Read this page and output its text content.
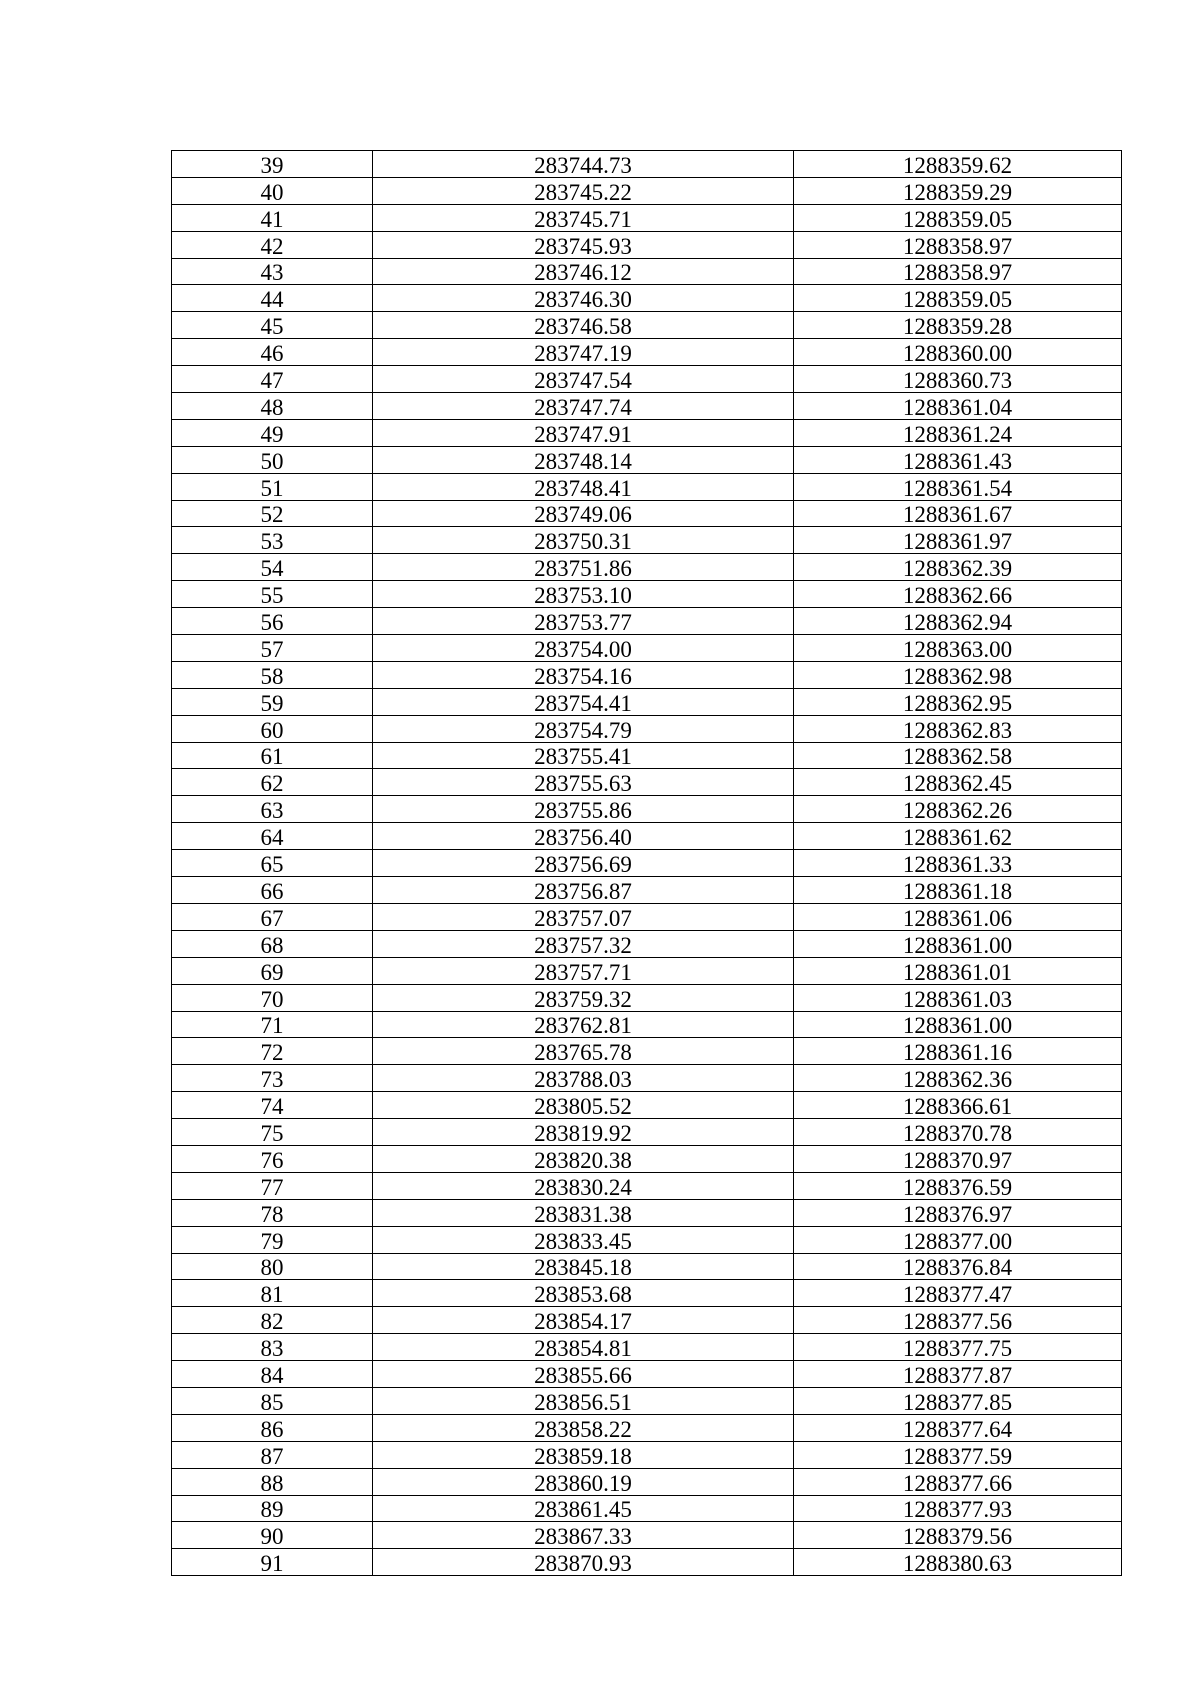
39	283744.73	1288359.62
40	283745.22	1288359.29
41	283745.71	1288359.05
42	283745.93	1288358.97
43	283746.12	1288358.97
44	283746.30	1288359.05
45	283746.58	1288359.28
46	283747.19	1288360.00
47	283747.54	1288360.73
48	283747.74	1288361.04
49	283747.91	1288361.24
50	283748.14	1288361.43
51	283748.41	1288361.54
52	283749.06	1288361.67
53	283750.31	1288361.97
54	283751.86	1288362.39
55	283753.10	1288362.66
56	283753.77	1288362.94
57	283754.00	1288363.00
58	283754.16	1288362.98
59	283754.41	1288362.95
60	283754.79	1288362.83
61	283755.41	1288362.58
62	283755.63	1288362.45
63	283755.86	1288362.26
64	283756.40	1288361.62
65	283756.69	1288361.33
66	283756.87	1288361.18
67	283757.07	1288361.06
68	283757.32	1288361.00
69	283757.71	1288361.01
70	283759.32	1288361.03
71	283762.81	1288361.00
72	283765.78	1288361.16
73	283788.03	1288362.36
74	283805.52	1288366.61
75	283819.92	1288370.78
76	283820.38	1288370.97
77	283830.24	1288376.59
78	283831.38	1288376.97
79	283833.45	1288377.00
80	283845.18	1288376.84
81	283853.68	1288377.47
82	283854.17	1288377.56
83	283854.81	1288377.75
84	283855.66	1288377.87
85	283856.51	1288377.85
86	283858.22	1288377.64
87	283859.18	1288377.59
88	283860.19	1288377.66
89	283861.45	1288377.93
90	283867.33	1288379.56
91	283870.93	1288380.63
